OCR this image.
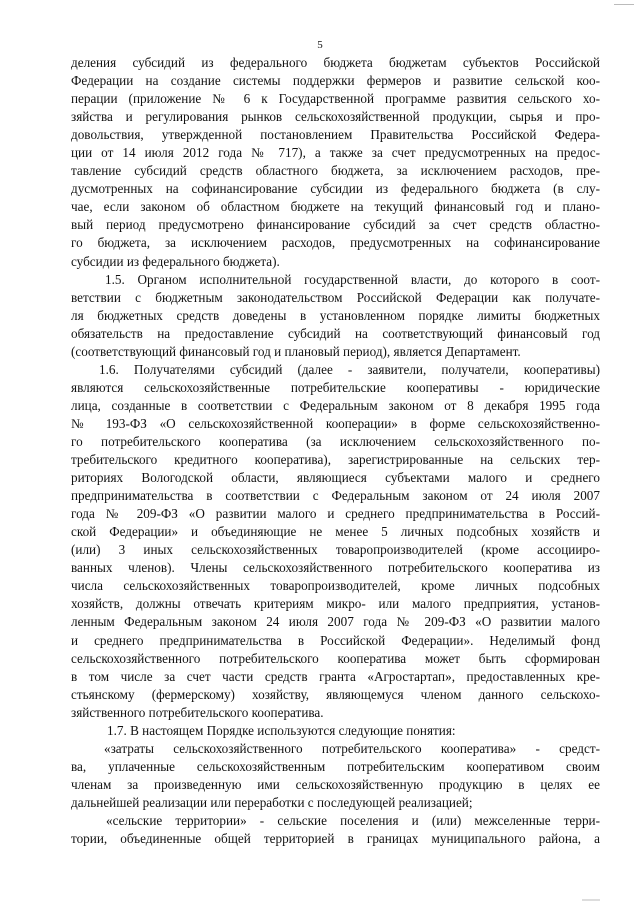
5
деления субсидий из федерального бюджета бюджетам субъектов Российской
Федерации на создание системы поддержки фермеров и развитие сельской коо-
перации (приложение № 6 к Государственной программе развития сельского хо-
зяйства и регулирования рынков сельскохозяйственной продукции, сырья и про-
довольствия, утвержденной постановлением Правительства Российской Федера-
ции от 14 июля 2012 года № 717), а также за счет предусмотренных на предос-
тавление субсидий средств областного бюджета, за исключением расходов, пре-
дусмотренных на софинансирование субсидии из федерального бюджета (в слу-
чае, если законом об областном бюджете на текущий финансовый год и плано-
вый период предусмотрено финансирование субсидий за счет средств областно-
го бюджета, за исключением расходов, предусмотренных на софинансирование
субсидии из федерального бюджета).
1.5. Органом исполнительной государственной власти, до которого в соот-
ветствии с бюджетным законодательством Российской Федерации как получате-
ля бюджетных средств доведены в установленном порядке лимиты бюджетных
обязательств на предоставление субсидий на соответствующий финансовый год
(соответствующий финансовый год и плановый период), является Департамент.
1.6. Получателями субсидий (далее - заявители, получатели, кооперативы)
являются сельскохозяйственные потребительские кооперативы - юридические
лица, созданные в соответствии с Федеральным законом от 8 декабря 1995 года
№ 193-ФЗ «О сельскохозяйственной кооперации» в форме сельскохозяйственно-
го потребительского кооператива (за исключением сельскохозяйственного по-
требительского кредитного кооператива), зарегистрированные на сельских тер-
риториях Вологодской области, являющиеся субъектами малого и среднего
предпринимательства в соответствии с Федеральным законом от 24 июля 2007
года № 209-ФЗ «О развитии малого и среднего предпринимательства в Россий-
ской Федерации» и объединяющие не менее 5 личных подсобных хозяйств и
(или) 3 иных сельскохозяйственных товаропроизводителей (кроме ассоциирo-
ванных членов). Члены сельскохозяйственного потребительского кооператива из
числа сельскохозяйственных товаропроизводителей, кроме личных подсобных
хозяйств, должны отвечать критериям микро- или малого предприятия, установ-
ленным Федеральным законом 24 июля 2007 года № 209-ФЗ «О развитии малого
и среднего предпринимательства в Российской Федерации». Неделимый фонд
сельскохозяйственного потребительского кооператива может быть сформирован
в том числе за счет части средств гранта «Агростартап», предоставленных кре-
стьянскому (фермерскому) хозяйству, являющемуся членом данного сельскохо-
зяйственного потребительского кооператива.
1.7. В настоящем Порядке используются следующие понятия:
«затраты сельскохозяйственного потребительского кооператива» - средст-
ва, уплаченные сельскохозяйственным потребительским кооперативом своим
членам за произведенную ими сельскохозяйственную продукцию в целях ее
дальнейшей реализации или переработки с последующей реализацией;
«сельские территории» - сельские поселения и (или) межселенные терри-
тории, объединенные общей территорией в границах муниципального района, а
